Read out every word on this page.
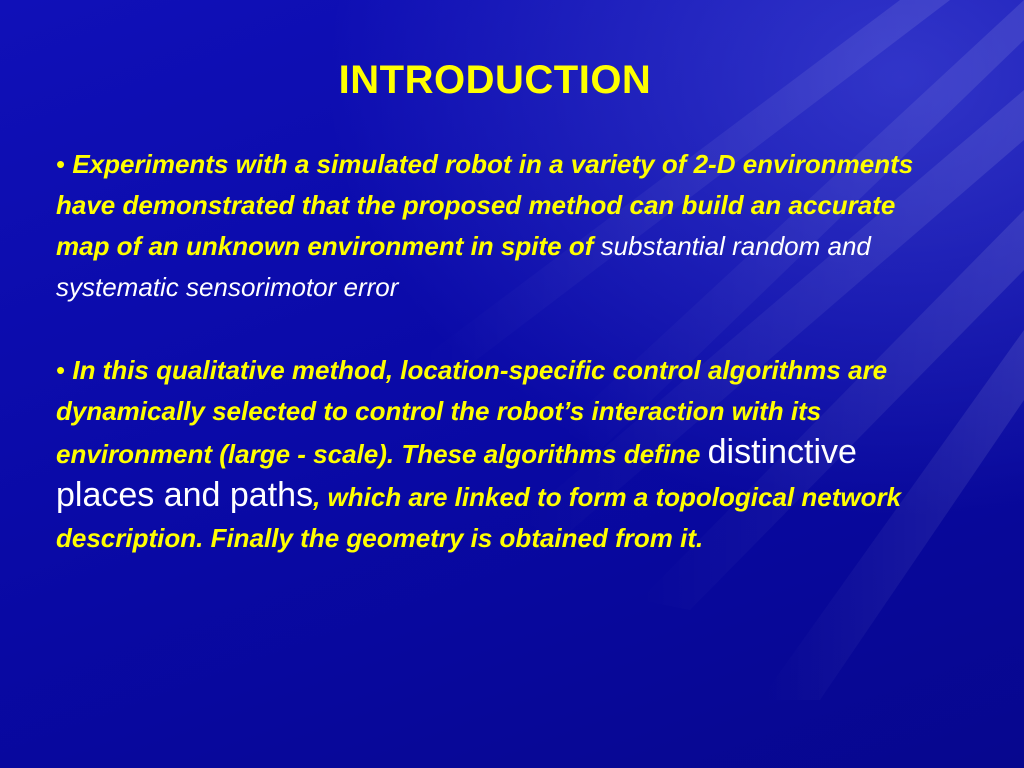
INTRODUCTION

• Experiments with a simulated robot in a variety of 2-D environments have demonstrated that the proposed method can build an accurate map of an unknown environment in spite of substantial random and systematic sensorimotor error

• In this qualitative method, location-specific control algorithms are dynamically selected to control the robot’s interaction with its environment (large - scale). These algorithms define distinctive places and paths, which are linked to form a topological network description. Finally the geometry is obtained from it.
